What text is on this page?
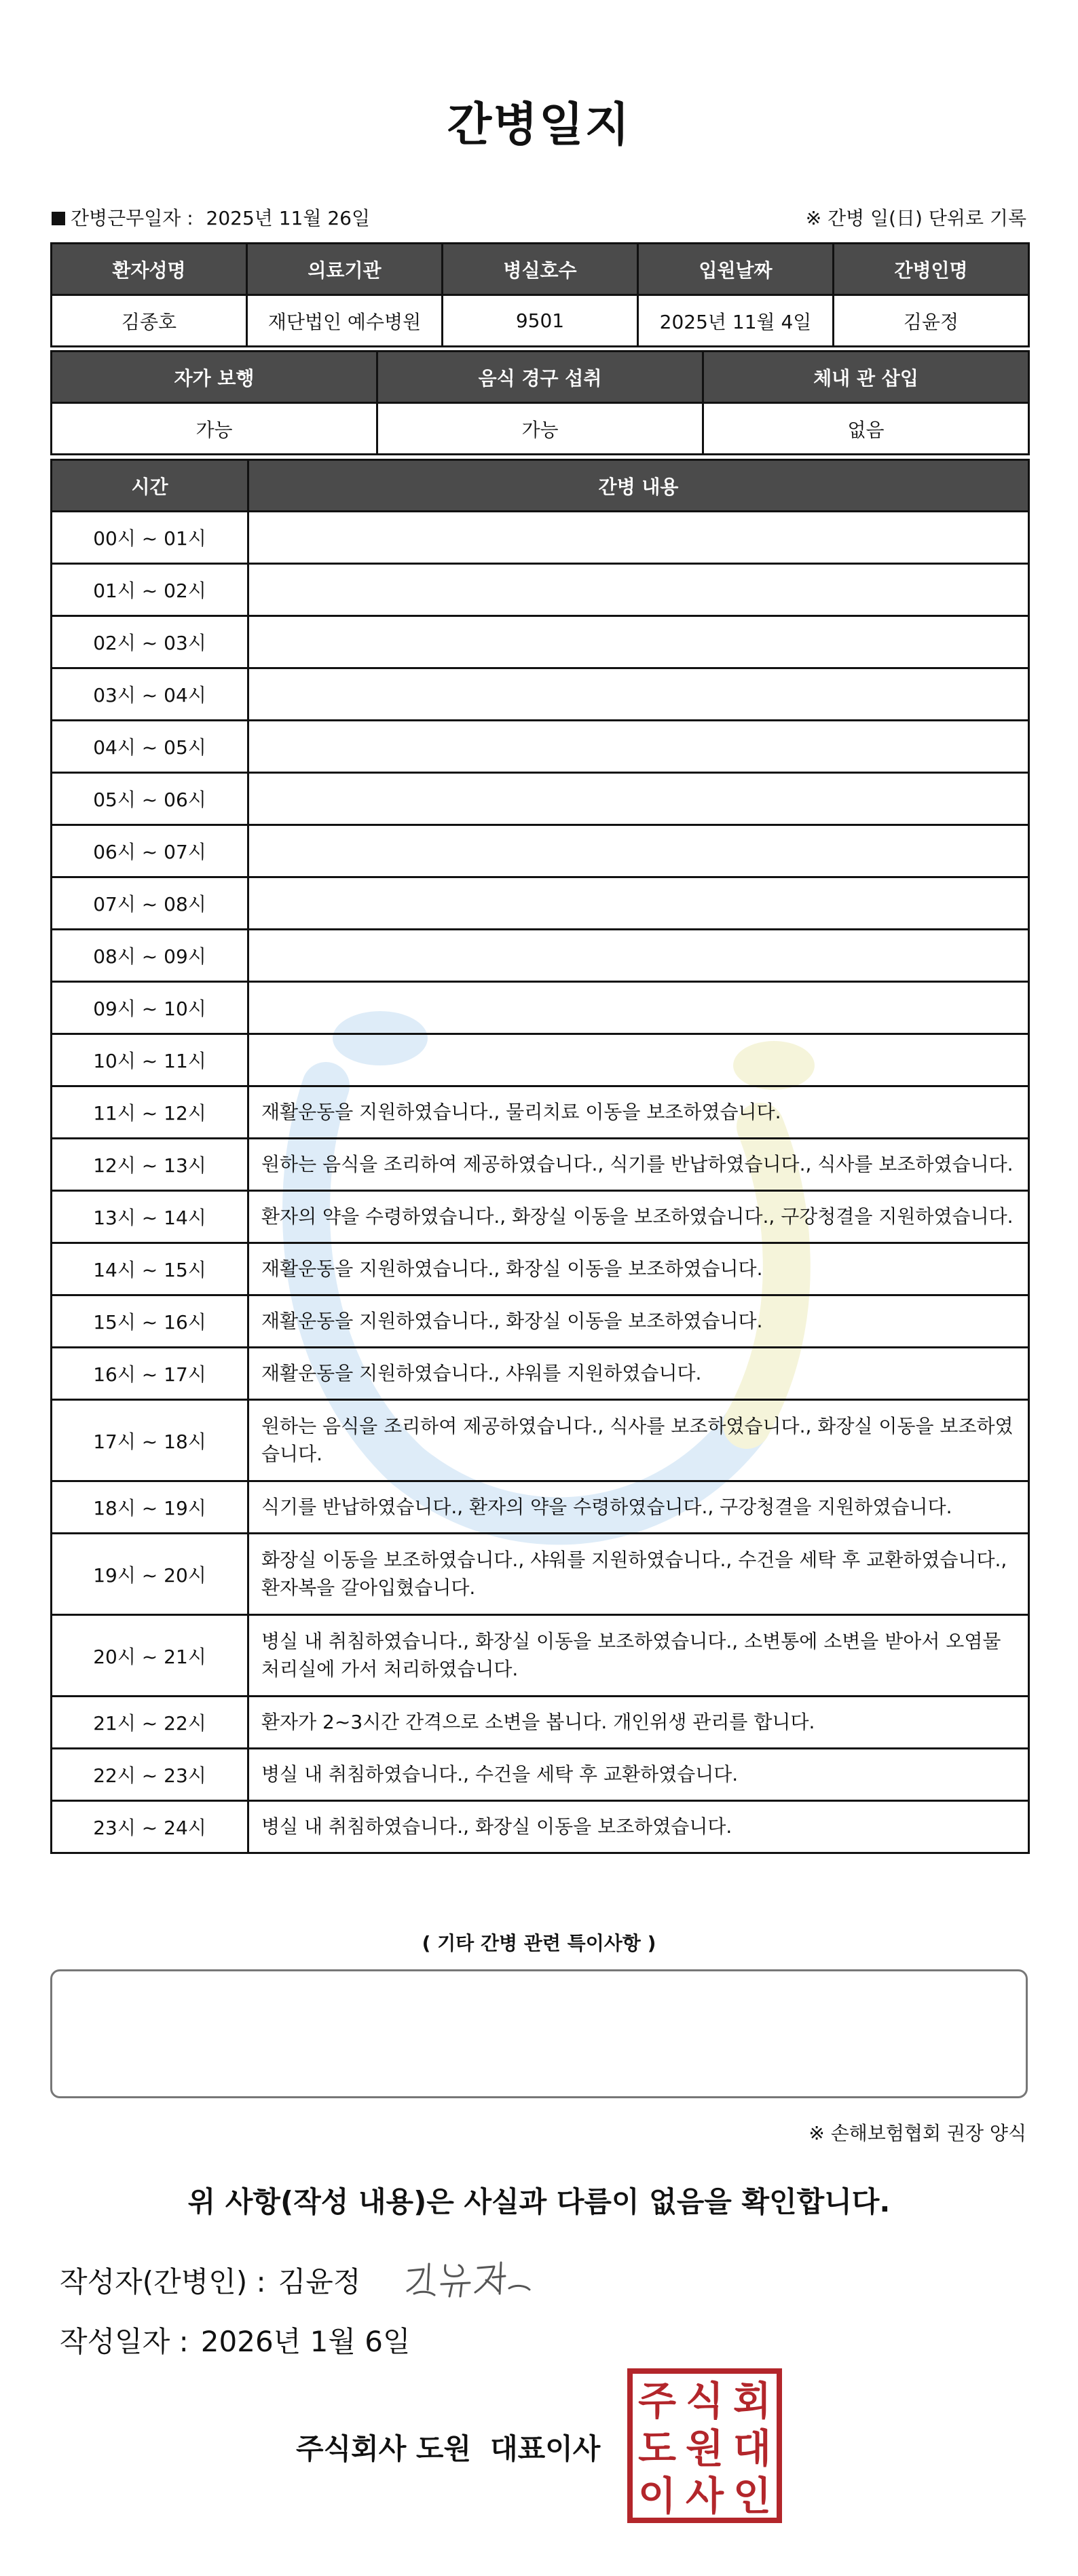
간병일지
간병근무일자 : 2025년 11월 26일	※ 간병 일(日) 단위로 기록
환자성명	의료기관	병실호수	입원날짜	간병인명
김종호	재단법인 예수병원	9501	2025년 11월 4일	김윤정
자가 보행	음식 경구 섭취	체내 관 삽입
가능	가능	없음
시간	간병 내용
00시 ~ 01시	
01시 ~ 02시	
02시 ~ 03시	
03시 ~ 04시	
04시 ~ 05시	
05시 ~ 06시	
06시 ~ 07시	
07시 ~ 08시	
08시 ~ 09시	
09시 ~ 10시	
10시 ~ 11시	
11시 ~ 12시	재활운동을 지원하였습니다., 물리치료 이동을 보조하였습니다.
12시 ~ 13시	원하는 음식을 조리하여 제공하였습니다., 식기를 반납하였습니다., 식사를 보조하였습니다.
13시 ~ 14시	환자의 약을 수령하였습니다., 화장실 이동을 보조하였습니다., 구강청결을 지원하였습니다.
14시 ~ 15시	재활운동을 지원하였습니다., 화장실 이동을 보조하였습니다.
15시 ~ 16시	재활운동을 지원하였습니다., 화장실 이동을 보조하였습니다.
16시 ~ 17시	재활운동을 지원하였습니다., 샤워를 지원하였습니다.
17시 ~ 18시	원하는 음식을 조리하여 제공하였습니다., 식사를 보조하였습니다., 화장실 이동을 보조하였습니다.
18시 ~ 19시	식기를 반납하였습니다., 환자의 약을 수령하였습니다., 구강청결을 지원하였습니다.
19시 ~ 20시	화장실 이동을 보조하였습니다., 샤워를 지원하였습니다., 수건을 세탁 후 교환하였습니다., 환자복을 갈아입혔습니다.
20시 ~ 21시	병실 내 취침하였습니다., 화장실 이동을 보조하였습니다., 소변통에 소변을 받아서 오염물처리실에 가서 처리하였습니다.
21시 ~ 22시	환자가 2~3시간 간격으로 소변을 봅니다. 개인위생 관리를 합니다.
22시 ~ 23시	병실 내 취침하였습니다., 수건을 세탁 후 교환하였습니다.
23시 ~ 24시	병실 내 취침하였습니다., 화장실 이동을 보조하였습니다.
( 기타 간병 관련 특이사항 )
※ 손해보험협회 권장 양식
위 사항(작성 내용)은 사실과 다름이 없음을 확인합니다.
작성자(간병인) : 김윤정
작성일자 : 2026년 1월 6일
주식회사 도원 대표이사
주 식 회
도 원 대
이 사 인
